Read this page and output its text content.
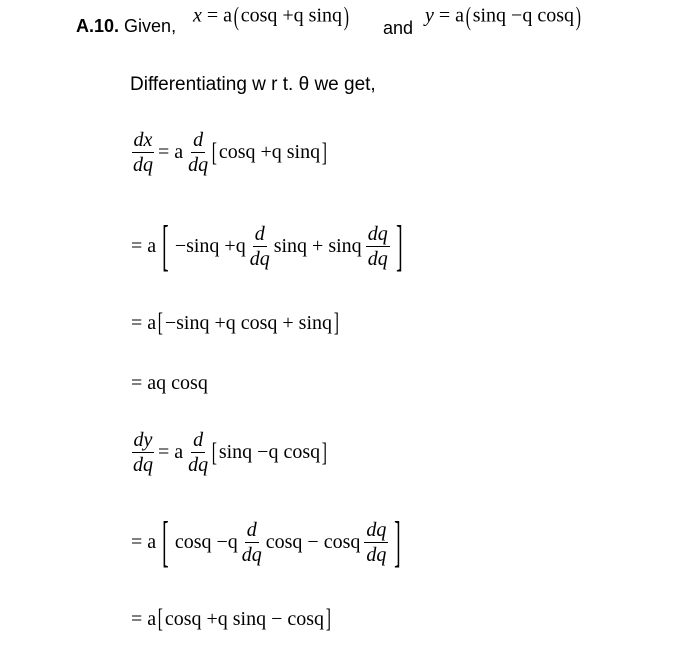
A.10. Given, x = a(cosq +q sinq) and
y = a(sinq −q cosq)
Differentiating w r t. θ we get,
$\frac{dx}{dq} = a \frac{d}{dq}$ [ cosq +q sinq ]
= a [ $-\sin q +q \frac{d}{dq}$ sinq + sinq $\frac{dq}{dq}$ ]
= a [ −sinq +q cosq + sinq ]
= aq cosq
$\frac{dy}{dq} = a \frac{d}{dq}$ [ sinq −q cosq ]
= a [ $\cos q -q \frac{d}{dq}$ cosq − cosq $\frac{dq}{dq}$ ]
= a [ cosq +q sinq − cosq ]
